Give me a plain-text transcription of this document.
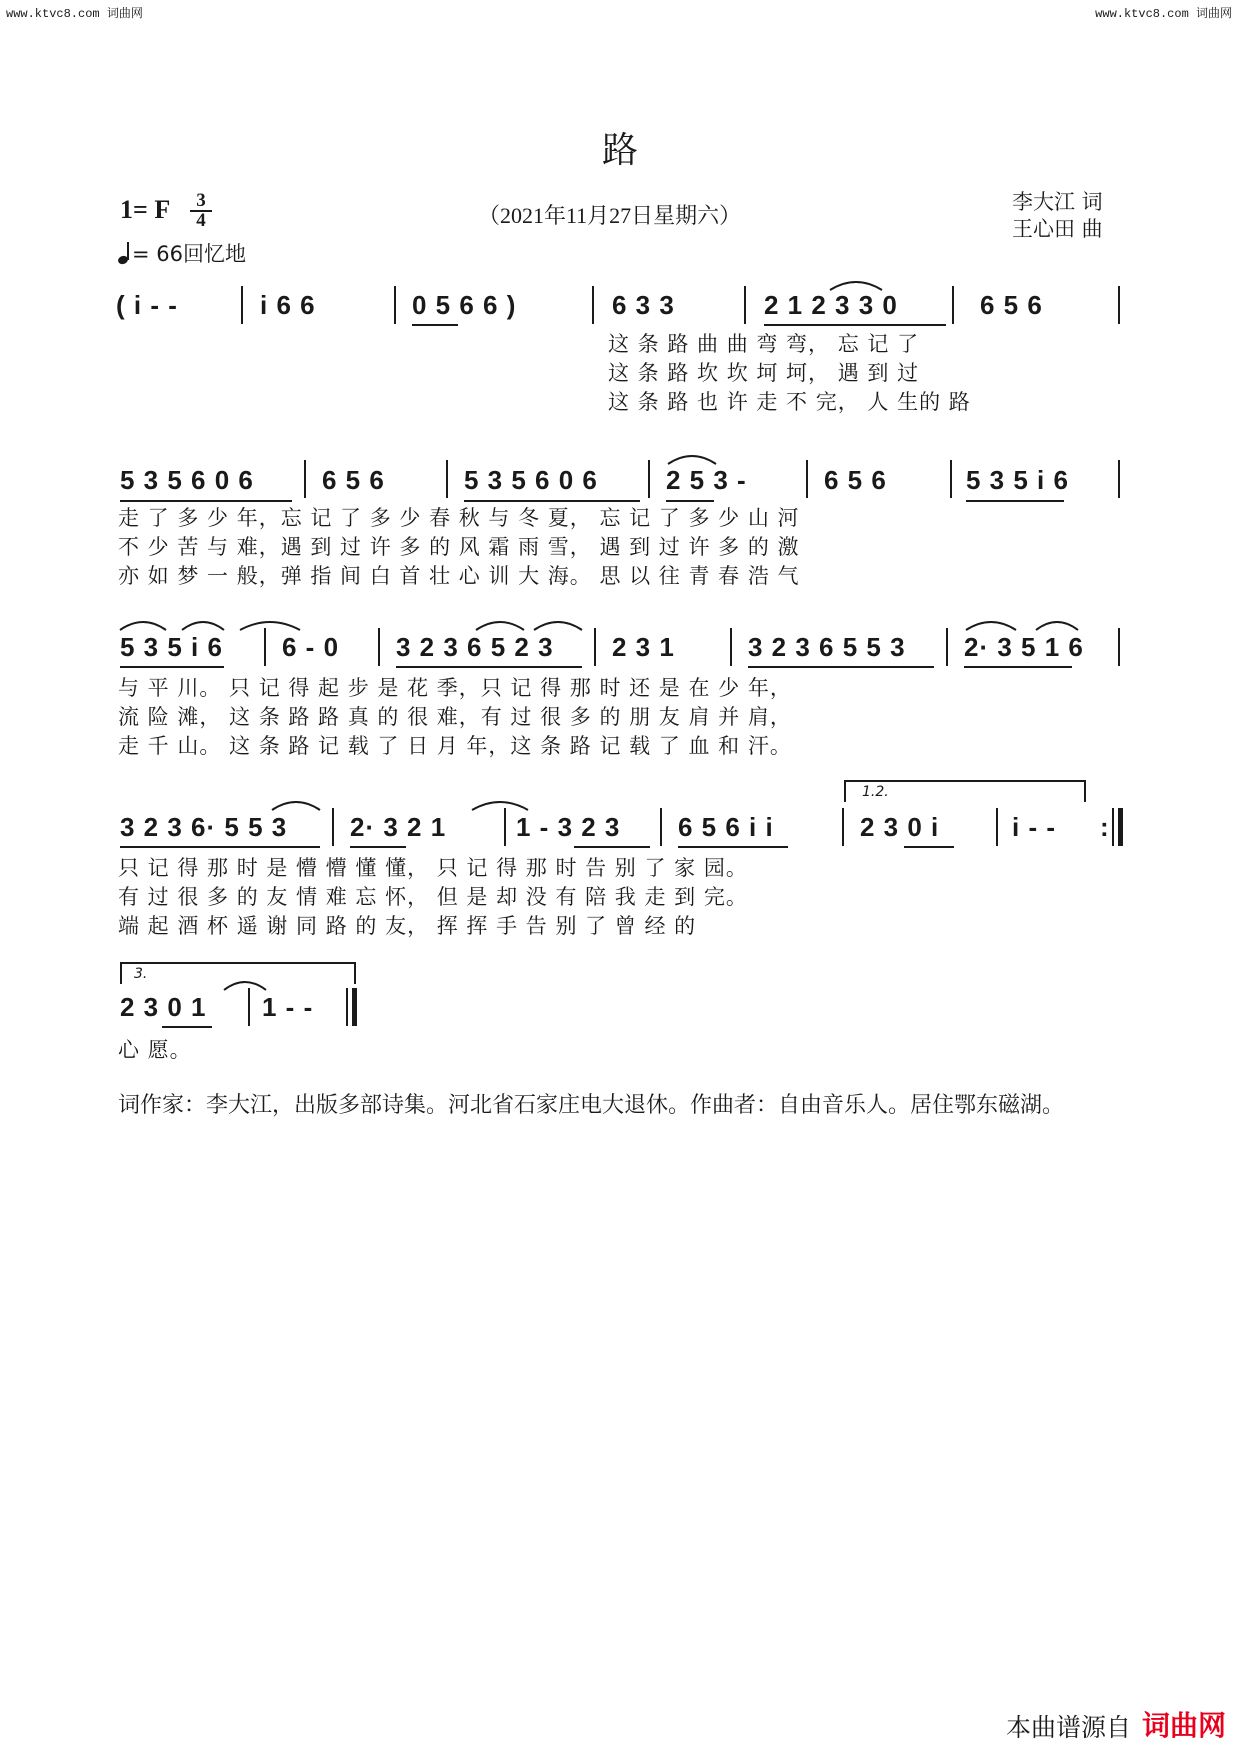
www.ktvc8.com 词曲网	www.ktvc8.com 词曲网
路
1= F	3
4	（2021年11月27日星期六）
李大江 词
王心田 曲
= 66回忆地
( i - -	i 6 6	0 5 6 6 )	6 3 3	2 1 2 3 3 0	6 5 6
这 条 路 曲 曲 弯 弯， 忘 记 了
这 条 路 坎 坎 坷 坷， 遇 到 过
这 条 路 也 许 走 不 完， 人 生的 路
5 3 5 6 0 6	6 5 6	5 3 5 6 0 6	2 5 3 -	6 5 6	5 3 5 i 6
走 了 多 少 年，忘 记 了 多 少 春 秋 与 冬 夏， 忘 记 了 多 少 山 河
不 少 苦 与 难，遇 到 过 许 多 的 风 霜 雨 雪， 遇 到 过 许 多 的 激
亦 如 梦 一 般，弹 指 间 白 首 壮 心 训 大 海。 思 以 往 青 春 浩 气
5 3 5 i 6 6 - 0 3 2 3 6 5 2 3 2 3 1	3 2 3 6 5 5 3 2· 3 5 1 6
与 平 川。 只 记 得 起 步 是 花 季，只 记 得 那 时 还 是 在 少 年，
流 险 滩， 这 条 路 路 真 的 很 难，有 过 很 多 的 朋 友 肩 并 肩，
走 千 山。 这 条 路 记 载 了 日 月 年，这 条 路 记 载 了 血 和 汗。
1.2.
3 2 3 6· 5 5 3 2· 3 2 1	1 - 3 2 3 6 5 6 i i	2 3 0 i	i - - :
只 记 得 那 时 是 懵 懵 懂 懂， 只 记 得 那 时 告 别 了 家 园。
有 过 很 多 的 友 情 难 忘 怀， 但 是 却 没 有 陪 我 走 到 完。
端 起 酒 杯 遥 谢 同 路 的 友， 挥 挥 手 告 别 了 曾 经 的
3.
2 3 0 1 1 - -
心 愿。
词作家：李大江，出版多部诗集。河北省石家庄电大退休。作曲者：自由音乐人。居住鄂东磁湖。
本曲谱源自 词曲网
